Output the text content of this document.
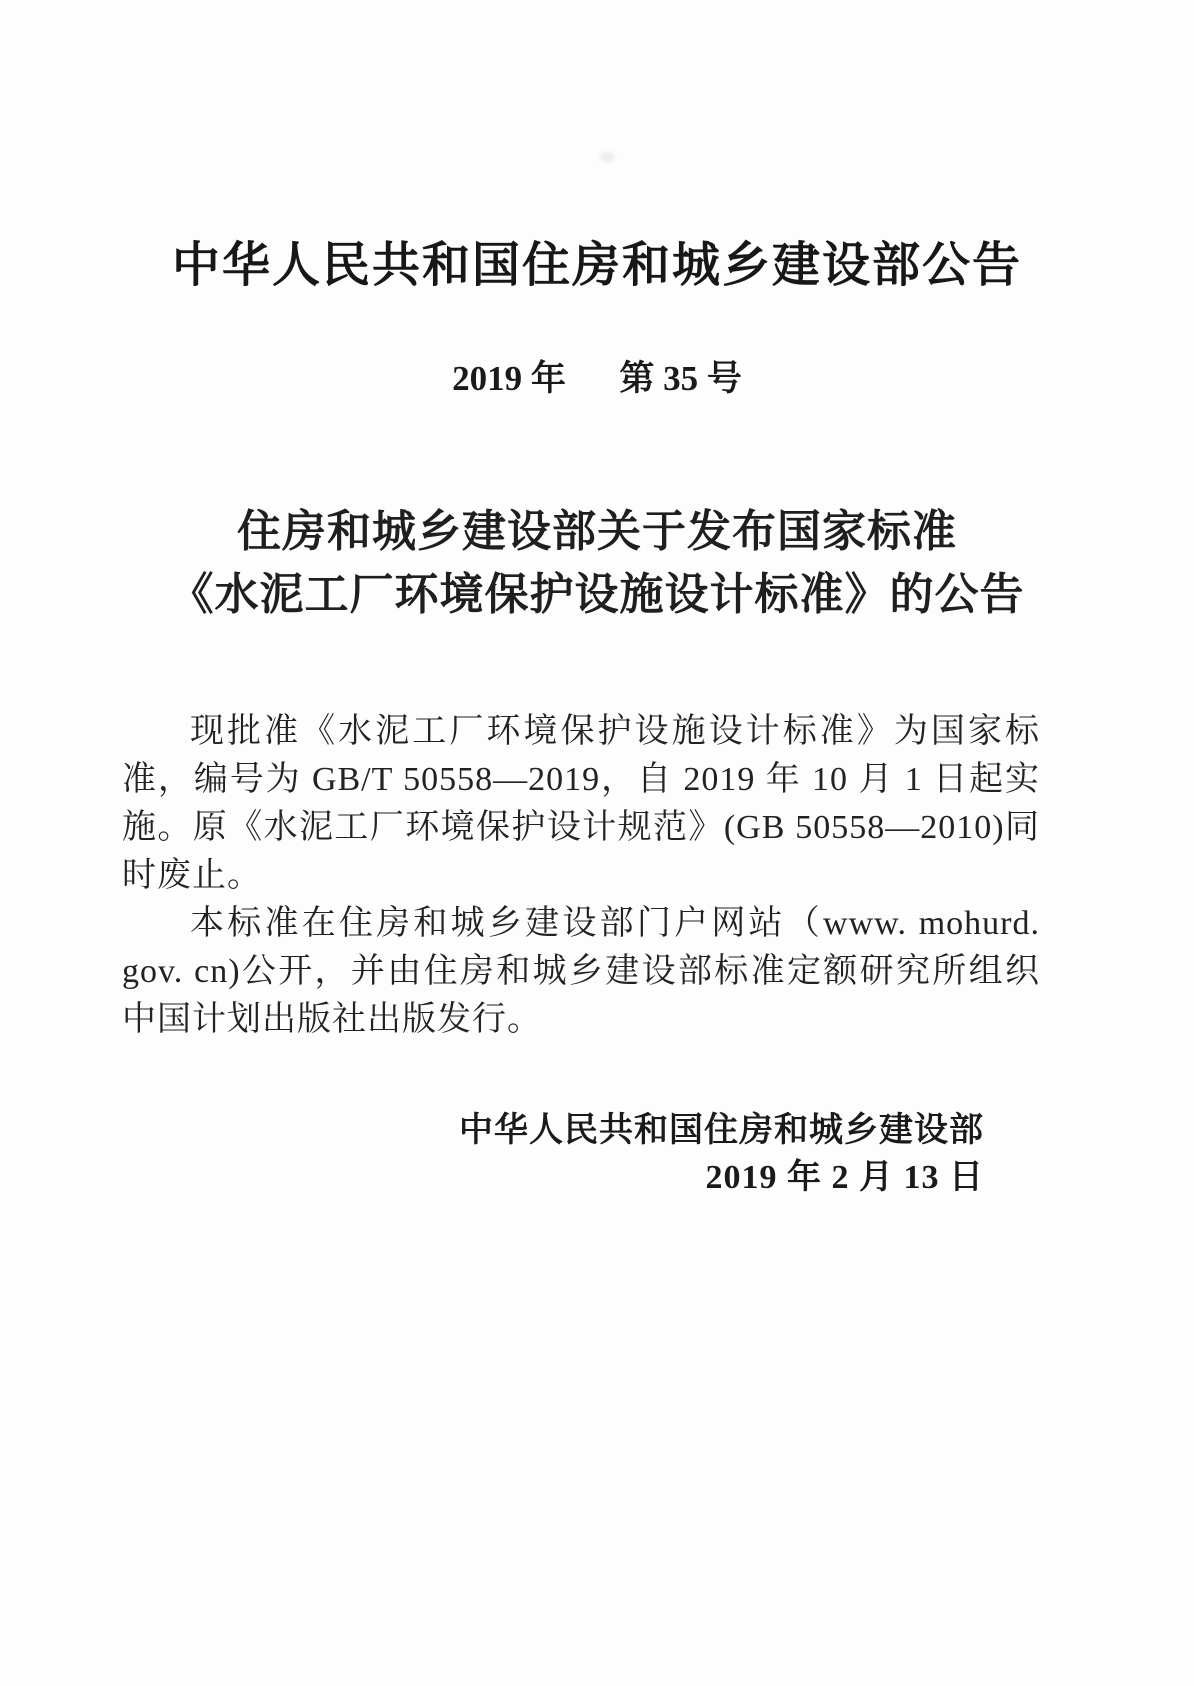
中华人民共和国住房和城乡建设部公告
2019 年 第 35 号
住房和城乡建设部关于发布国家标准
《水泥工厂环境保护设施设计标准》的公告

现批准《水泥工厂环境保护设施设计标准》为国家标准，编号为 GB/T 50558—2019，自 2019 年 10 月 1 日起实施。原《水泥工厂环境保护设计规范》(GB 50558—2010)同时废止。

本标准在住房和城乡建设部门户网站（www. mohurd. gov. cn)公开，并由住房和城乡建设部标准定额研究所组织中国计划出版社出版发行。

中华人民共和国住房和城乡建设部
2019 年 2 月 13 日
